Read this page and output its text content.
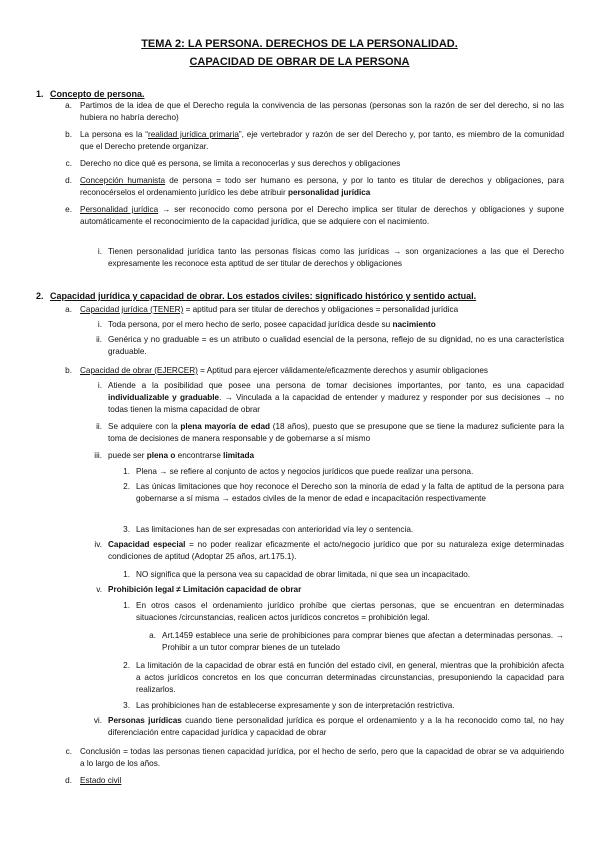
TEMA 2: LA PERSONA. DERECHOS DE LA PERSONALIDAD.
CAPACIDAD DE OBRAR DE LA PERSONA
1. Concepto de persona.
a. Partimos de la idea de que el Derecho regula la convivencia de las personas (personas son la razón de ser del derecho, si no las hubiera no habría derecho)
b. La persona es la “realidad jurídica primaria”, eje vertebrador y razón de ser del Derecho y, por tanto, es miembro de la comunidad que el Derecho pretende organizar.
c. Derecho no dice qué es persona, se limita a reconocerlas y sus derechos y obligaciones
d. Concepción humanista de persona = todo ser humano es persona, y por lo tanto es titular de derechos y obligaciones, para reconocérselos el ordenamiento jurídico les debe atribuir personalidad jurídica
e. Personalidad jurídica → ser reconocido como persona por el Derecho implica ser titular de derechos y obligaciones y supone automáticamente el reconocimiento de la capacidad jurídica, que se adquiere con el nacimiento.
i. Tienen personalidad jurídica tanto las personas físicas como las jurídicas → son organizaciones a las que el Derecho expresamente les reconoce esta aptitud de ser titular de derechos y obligaciones
2. Capacidad jurídica y capacidad de obrar. Los estados civiles: significado histórico y sentido actual.
a. Capacidad jurídica (TENER) = aptitud para ser titular de derechos y obligaciones = personalidad jurídica
i. Toda persona, por el mero hecho de serlo, posee capacidad jurídica desde su nacimiento
ii. Genérica y no graduable = es un atributo o cualidad esencial de la persona, reflejo de su dignidad, no es una característica graduable.
b. Capacidad de obrar (EJERCER) = Aptitud para ejercer válidamente/eficazmente derechos y asumir obligaciones
i. Atiende a la posibilidad que posee una persona de tomar decisiones importantes, por tanto, es una capacidad individualizable y graduable. → Vinculada a la capacidad de entender y madurez y responder por sus decisiones → no todas tienen la misma capacidad de obrar
ii. Se adquiere con la plena mayoría de edad (18 años), puesto que se presupone que se tiene la madurez suficiente para la toma de decisiones de manera responsable y de gobernarse a sí mismo
iii. puede ser plena o encontrarse limitada
1. Plena → se refiere al conjunto de actos y negocios jurídicos que puede realizar una persona.
2. Las únicas limitaciones que hoy reconoce el Derecho son la minoría de edad y la falta de aptitud de la persona para gobernarse a sí misma → estados civiles de la menor de edad e incapacitación respectivamente
3. Las limitaciones han de ser expresadas con anterioridad vía ley o sentencia.
iv. Capacidad especial = no poder realizar eficazmente el acto/negocio jurídico que por su naturaleza exige determinadas condiciones de aptitud (Adoptar 25 años, art.175.1).
1. NO significa que la persona vea su capacidad de obrar limitada, ni que sea un incapacitado.
v. Prohibición legal ≠ Limitación capacidad de obrar
1. En otros casos el ordenamiento jurídico prohíbe que ciertas personas, que se encuentran en determinadas situaciones /circunstancias, realicen actos jurídicos concretos = prohibición legal.
a. Art.1459 establece una serie de prohibiciones para comprar bienes que afectan a determinadas personas. → Prohibir a un tutor comprar bienes de un tutelado
2. La limitación de la capacidad de obrar está en función del estado civil, en general, mientras que la prohibición afecta a actos jurídicos concretos en los que concurran determinadas circunstancias, presuponiendo la capacidad para realizarlos.
3. Las prohibiciones han de establecerse expresamente y son de interpretación restrictiva.
vi. Personas jurídicas cuando tiene personalidad jurídica es porque el ordenamiento y a la ha reconocido como tal, no hay diferenciación entre capacidad jurídica y capacidad de obrar
c. Conclusión = todas las personas tienen capacidad jurídica, por el hecho de serlo, pero que la capacidad de obrar se va adquiriendo a lo largo de los años.
d. Estado civil
